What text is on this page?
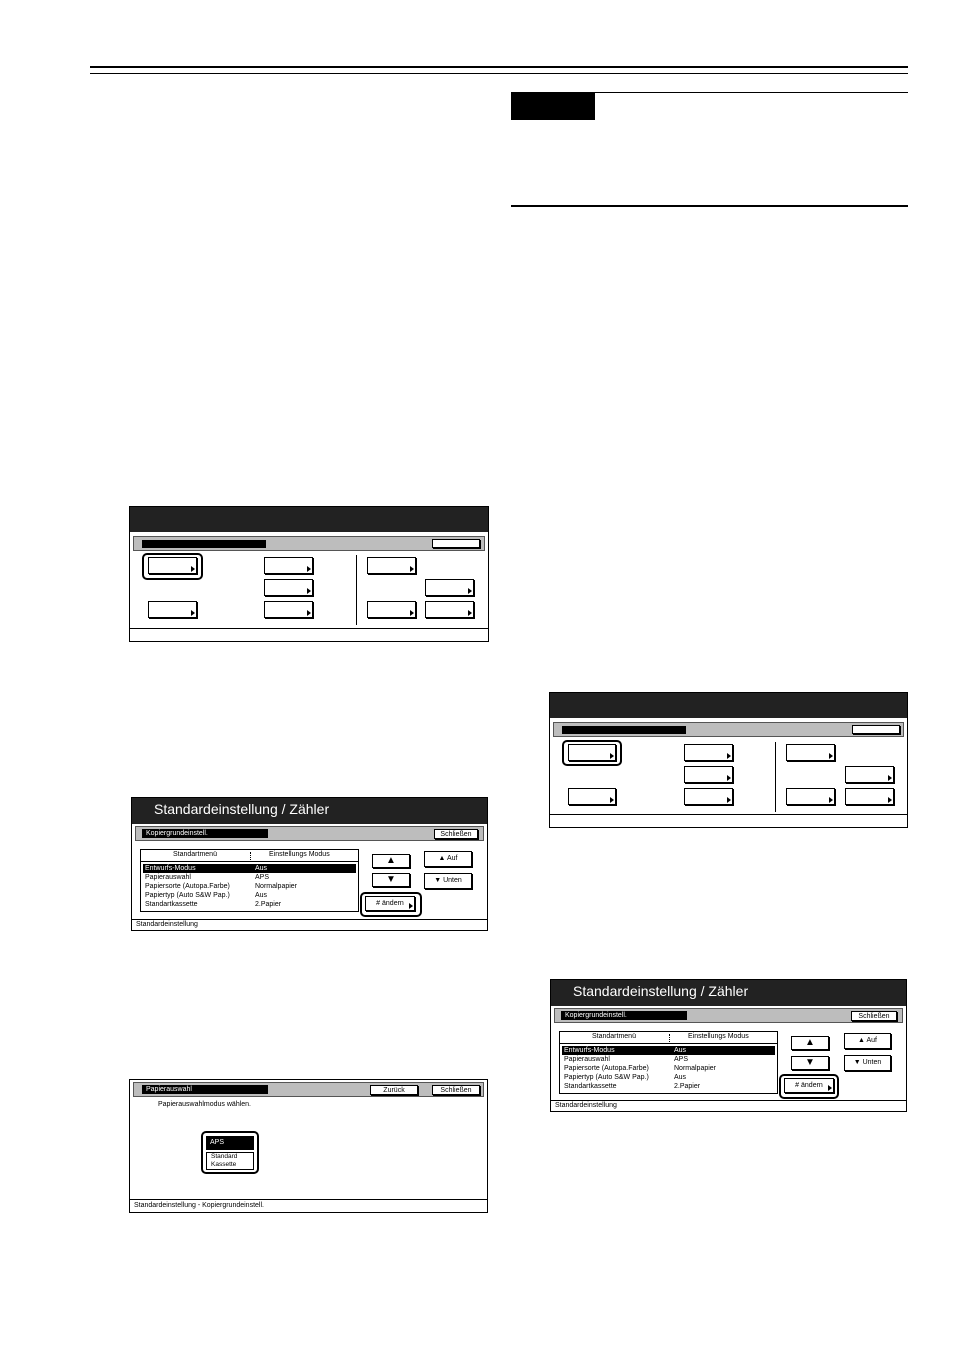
Standardeinstellung / Zähler
Kopiergrundeinstell.	Schließen
Standartmenü	Einstellungs Modus
Entwurfs-Modus	Aus
Papierauswahl	APS
Papiersorte (Autopa.Farbe)	Normalpapier
Papiertyp (Auto S&W Pap.)	Aus
Standartkassette	2.Papier
▲
▼
▲ Auf
▼ Unten
# ändern
Standardeinstellung
Papierauswahl	Zurück	Schließen
Papierauswahlmodus wählen.
APS
Standard
Kassette
Standardeinstellung - Kopiergrundeinstell.
Standardeinstellung / Zähler
Kopiergrundeinstell.	Schließen
Standartmenü	Einstellungs Modus
Entwurfs-Modus	Aus
Papierauswahl	APS
Papiersorte (Autopa.Farbe)	Normalpapier
Papiertyp (Auto S&W Pap.)	Aus
Standartkassette	2.Papier
▲
▼
▲ Auf
▼ Unten
# ändern
Standardeinstellung
